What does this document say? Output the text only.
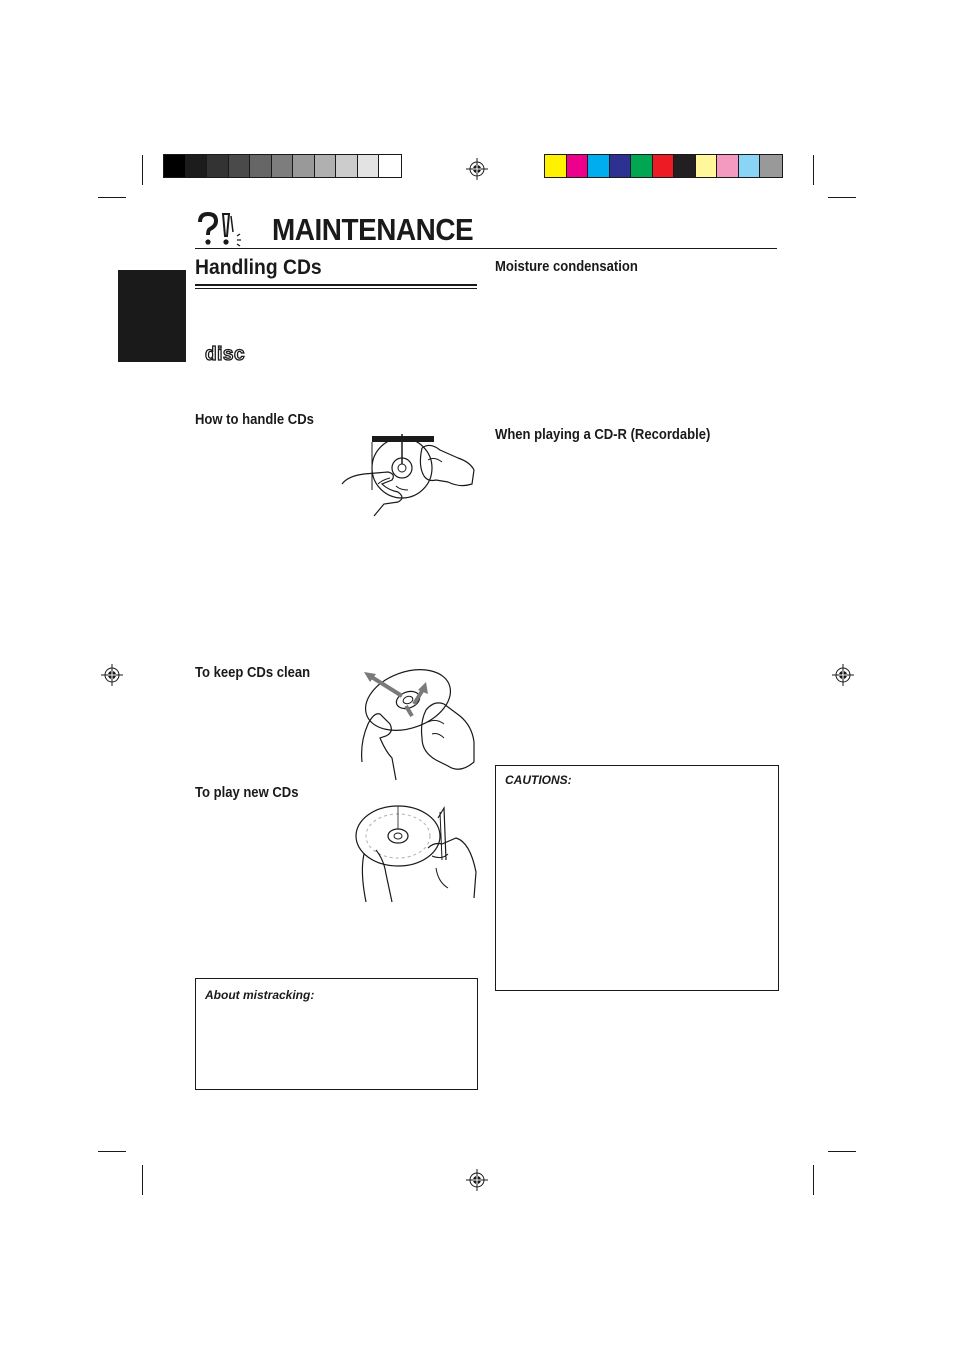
MAINTENANCE
Handling CDs
disc
How to handle CDs
To keep CDs clean
To play new CDs
Moisture condensation
When playing a CD-R (Recordable)
About mistracking:
CAUTIONS:
